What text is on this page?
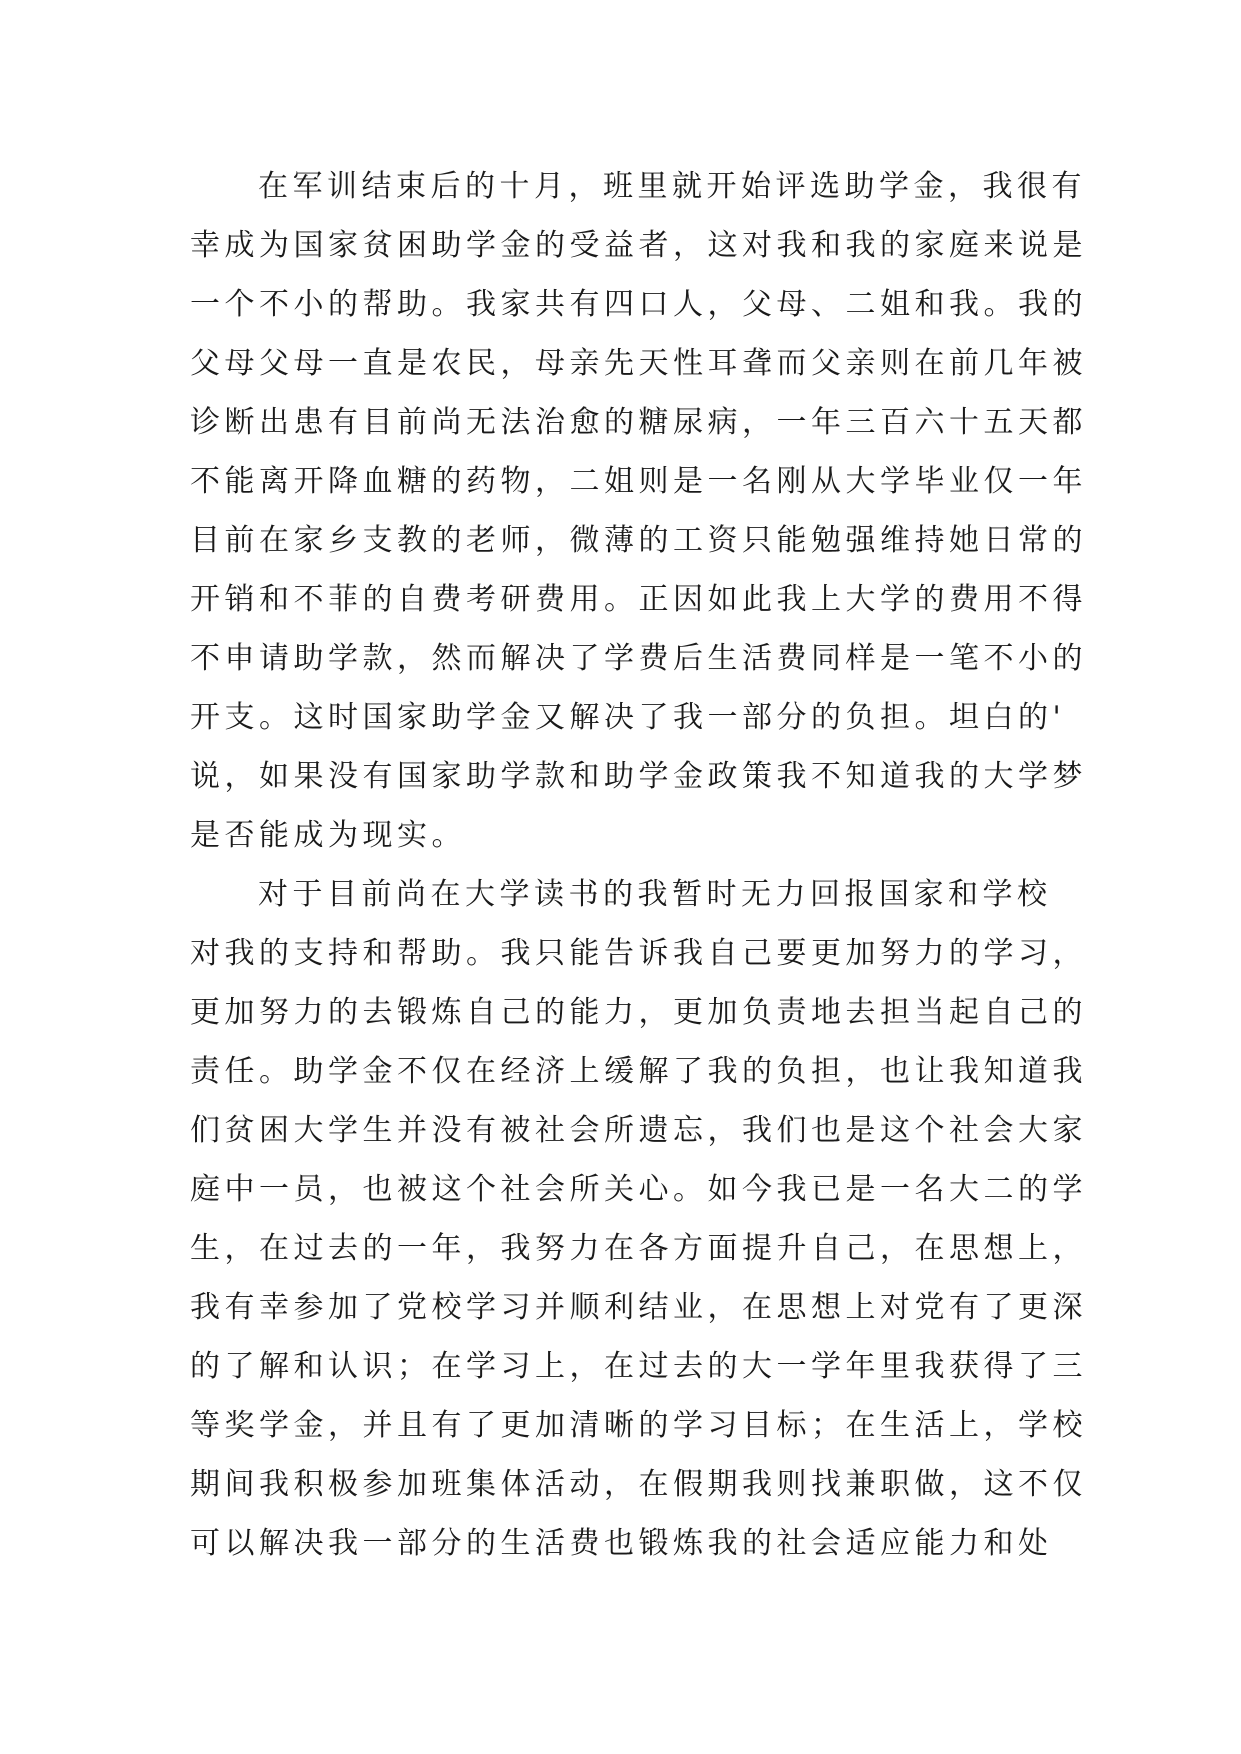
在军训结束后的十月，班里就开始评选助学金，我很有
幸成为国家贫困助学金的受益者，这对我和我的家庭来说是
一个不小的帮助。我家共有四口人，父母、二姐和我。我的
父母父母一直是农民，母亲先天性耳聋而父亲则在前几年被
诊断出患有目前尚无法治愈的糖尿病，一年三百六十五天都
不能离开降血糖的药物，二姐则是一名刚从大学毕业仅一年
目前在家乡支教的老师，微薄的工资只能勉强维持她日常的
开销和不菲的自费考研费用。正因如此我上大学的费用不得
不申请助学款，然而解决了学费后生活费同样是一笔不小的
开支。这时国家助学金又解决了我一部分的负担。坦白的'
说，如果没有国家助学款和助学金政策我不知道我的大学梦
是否能成为现实。
对于目前尚在大学读书的我暂时无力回报国家和学校
对我的支持和帮助。我只能告诉我自己要更加努力的学习，
更加努力的去锻炼自己的能力，更加负责地去担当起自己的
责任。助学金不仅在经济上缓解了我的负担，也让我知道我
们贫困大学生并没有被社会所遗忘，我们也是这个社会大家
庭中一员，也被这个社会所关心。如今我已是一名大二的学
生，在过去的一年，我努力在各方面提升自己，在思想上，
我有幸参加了党校学习并顺利结业，在思想上对党有了更深
的了解和认识；在学习上，在过去的大一学年里我获得了三
等奖学金，并且有了更加清晰的学习目标；在生活上，学校
期间我积极参加班集体活动，在假期我则找兼职做，这不仅
可以解决我一部分的生活费也锻炼我的社会适应能力和处
